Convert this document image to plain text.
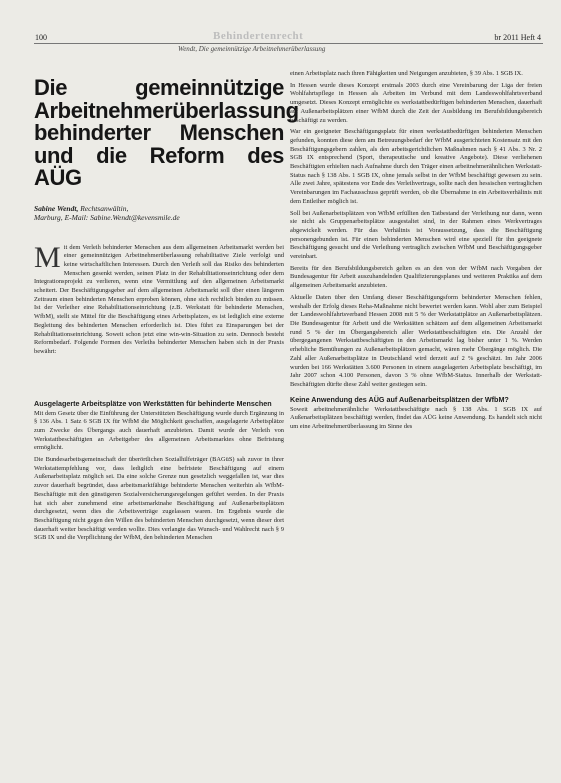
100	Behindertenrecht	br 2011 Heft 4
Wendt, Die gemeinnützige Arbeitnehmerüberlassung
Die gemeinnützige Arbeitnehmerüberlassung behinderter Menschen und die Reform des AÜG
Sabine Wendt, Rechtsanwältin,
Marburg, E-Mail: Sabine.Wendt@kevensmile.de

Mit dem Verleih behinderter Menschen aus dem allgemeinen Arbeitsmarkt werden bei einer gemeinnützigen Arbeitnehmerüberlassung rehabilitative Ziele verfolgt und keine wirtschaftlichen Interessen. Durch den Verleih soll das Risiko des behinderten Menschen gesenkt werden, seinen Platz in der Rehabilitationseinrichtung oder dem Integrationsprojekt zu verlieren, wenn eine Vermittlung auf den allgemeinen Arbeitsmarkt scheitert. Der Beschäftigungsgeber auf dem allgemeinen Arbeitsmarkt soll über einen längeren Zeitraum einen behinderten Menschen erproben können, ohne sich rechtlich binden zu müssen. Ist der Verleiher eine Rehabilitationseinrichtung (z.B. Werkstatt für behinderte Menschen, WfbM), stellt sie Mittel für die Beschäftigung eines Arbeitsplatzes, es ist lediglich eine externe Begleitung des behinderten Menschen erforderlich ist. Dies führt zu Einsparungen bei der Rehabilitationseinrichtung. Soweit schon jetzt eine win-win-Situation zu sein. Dennoch besteht Reformbedarf. Folgende Formen des Verleihs behinderter Menschen haben sich in der Praxis bewährt:

Ausgelagerte Arbeitsplätze von Werkstätten für behinderte Menschen

Mit dem Gesetz über die Einführung der Unterstützten Beschäftigung wurde durch Ergänzung in § 136 Abs. 1 Satz 6 SGB IX für WfbM die Möglichkeit geschaffen, ausgelagerte Arbeitsplätze zum Zwecke des Übergangs auch dauerhaft anzubieten. Damit wurde der Verleih von Werkstattbeschäftigten an Arbeitgeber des allgemeinen Arbeitsmarktes ohne Befristung ermöglicht.

Die Bundesarbeitsgemeinschaft der überörtlichen Sozialhilfeträger (BAGüS) sah zuvor in ihrer Werkstattempfehlung vor, dass lediglich eine befristete Beschäftigung auf einem Außenarbeitsplatz möglich sei. Da eine solche Grenze nun gesetzlich weggefallen ist, war dies zuvor dauerhaft begründet, dass arbeitsmarktfähige behinderte Menschen weiterhin als WfbM-Beschäftigte mit den günstigeren Sozialversicherungsregelungen geführt werden. In der Praxis hat sich aber zunehmend eine arbeitsmarktnahe Beschäftigung auf Außenarbeitsplätzen durchgesetzt, wenn dies die Arbeitsverträge zugelassen waren. Im Ergebnis wurde die Beschäftigung nicht gegen den Willen des behinderten Menschen durchgesetzt, wenn dieser dort dauerhaft weiter beschäftigt werden wollte. Dies verlangte das Wunsch- und Wahlrecht nach § 9 SGB IX und die Verpflichtung der WfbM, den behinderten Menschen

einen Arbeitsplatz nach ihren Fähigkeiten und Neigungen anzubieten, § 39 Abs. 1 SGB IX.

In Hessen wurde dieses Konzept erstmals 2003 durch eine Vereinbarung der Liga der freien Wohlfahrtspflege in Hessen als Arbeiten im Verbund mit dem Landeswohlfahrtsverband umgesetzt. Dieses Konzept ermöglichte es werkstattbedürftigen behinderten Menschen, dauerhaft auf Außenarbeitsplätzen einer WfbM durch die Zeit der Ausbildung im Berufsbildungsbereich beschäftigt zu werden.

War ein geeigneter Beschäftigungsplatz für einen werkstattbedürftigen behinderten Menschen gefunden, konnten diese dem am Betreuungsbedarf der WfbM ausgerichteten Kostensatz mit den Beschäftigungsgebern zahlen, als den arbeitsgerichtlichen Maßnahmen nach § 41 Abs. 3 Nr. 2 SGB IX entsprechend (Sport, therapeutische und kreative Angebote). Diese verliehenen Beschäftigten erhielten nach Aufnahme durch den Träger einen arbeitnehmerähnlichen Werkstatt-Status nach § 138 Abs. 1 SGB IX, ohne jemals selbst in der WfbM beschäftigt gewesen zu sein. Alle zwei Jahre, spätestens vor Ende des Verleihvertrags, sollte nach den hessischen vertraglichen Vereinbarungen im Fachausschuss geprüft werden, ob die Übernahme in ein Arbeitsverhältnis mit dem Entleiher möglich ist.

Soll bei Außenarbeitsplätzen von WfbM erfüllten den Tatbestand der Verleihung nur dann, wenn sie nicht als Gruppenarbeitsplätze ausgestaltet sind, in der Rahmen eines Werkvertrages abgewickelt werden. Für das Verhältnis ist Voraussetzung, dass die Beschäftigung personengebunden ist. Für einen behinderten Menschen wird eine speziell für ihn geeignete Beschäftigung gesucht und die Verleihung vertraglich zwischen WfbM und Beschäftigungsgeber vereinbart.

Bereits für den Berufsbildungsbereich gelten es an den von der WfbM nach Vorgaben der Bundesagentur für Arbeit auszuhandelnden Qualifizierungsplanes und weiteren Praktika auf dem allgemeinen Arbeitsmarkt anzubieten.

Aktuelle Daten über den Umfang dieser Beschäftigungsform behinderter Menschen fehlen, weshalb der Erfolg dieses Reha-Maßnahme nicht bewertet werden kann. Wohl aber zum Beispiel der Landeswohlfahrtsverband Hessen 2008 mit 5 % der Werkstattplätze an Außenarbeitsplätzen. Die Bundesagentur für Arbeit und die Werkstätten schätzen auf dem allgemeinen Arbeitsmarkt rund 5 % der im Übergangsbereich aller Werkstattbeschäftigten ein. Die Anzahl der übergegangenen Werkstattbeschäftigten in den Arbeitsmarkt lag bisher unter 1 %. Werden erhebliche Bemühungen zu Außenarbeitsplätzen gemacht, wären mehr Übergänge möglich. Die Zahl aller Außenarbeitsplätze in Deutschland wird derzeit auf 2 % geschätzt. Im Jahr 2006 wurden bei 166 Werkstätten 3.600 Personen in einem ausgelagerten Arbeitsplatz beschäftigt, im Jahr 2007 schon 4.100 Personen, davon 3 % ohne WfbM-Status. Innerhalb der Werkstatt-Beschäftigten dürfte diese Zahl weiter gestiegen sein.

Keine Anwendung des AÜG auf Außenarbeitsplätzen der WfbM?

Soweit arbeitnehmerähnliche Werkstattbeschäftigte nach § 138 Abs. 1 SGB IX auf Außenarbeitsplätzen beschäftigt werden, findet das AÜG keine Anwendung. Es handelt sich nicht um eine Arbeitnehmerüberlassung im Sinne des
